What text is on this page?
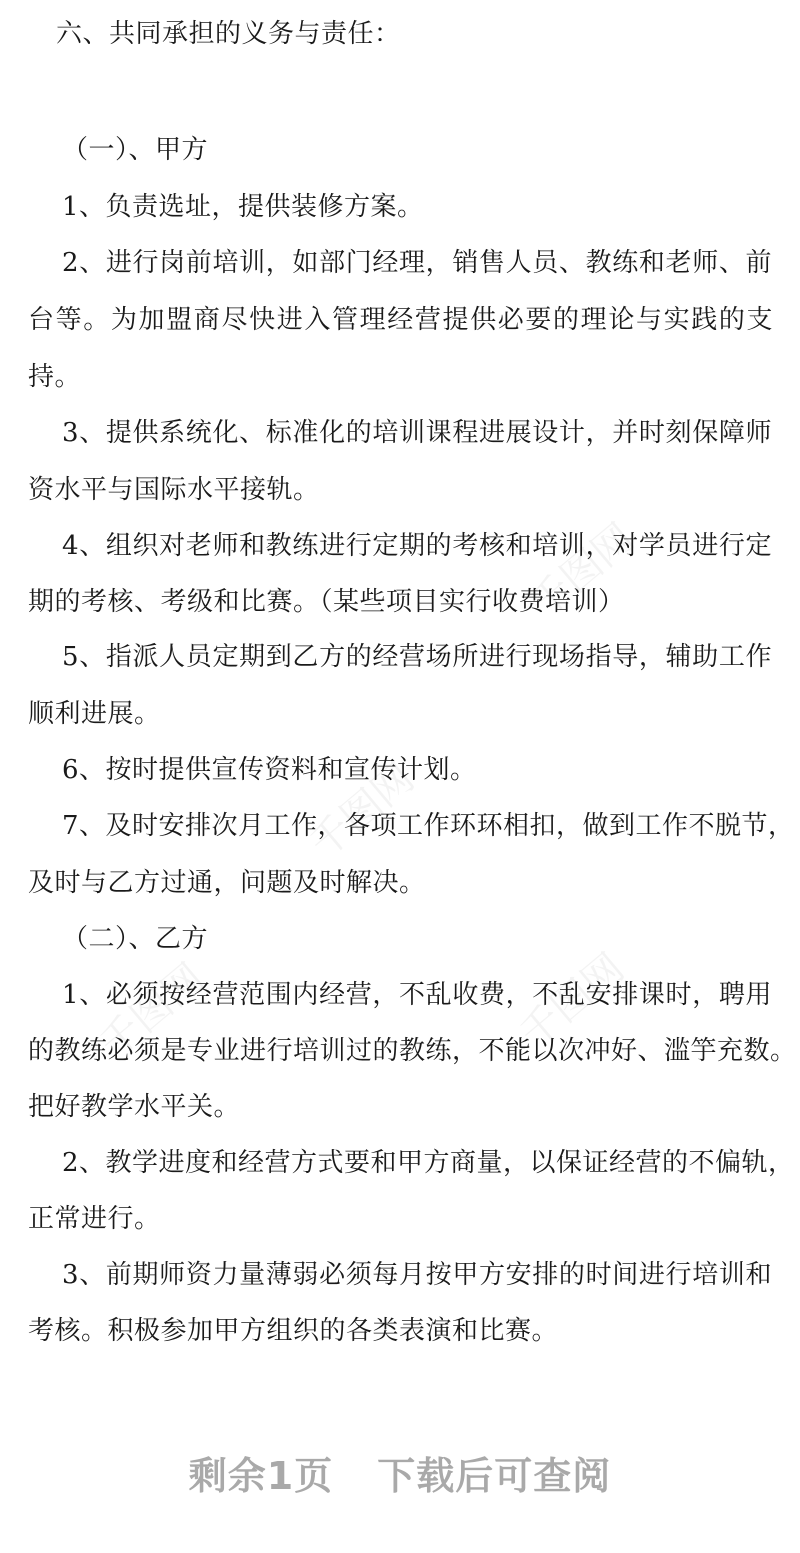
千图网
千图网
千图网
千图网
六、共同承担的义务与责任：
（一）、甲方
1、负责选址，提供装修方案。
2、进行岗前培训，如部门经理，销售人员、教练和老师、前
台等。为加盟商尽快进入管理经营提供必要的理论与实践的支
持。
3、提供系统化、标准化的培训课程进展设计，并时刻保障师
资水平与国际水平接轨。
4、组织对老师和教练进行定期的考核和培训，对学员进行定
期的考核、考级和比赛。（某些项目实行收费培训）
5、指派人员定期到乙方的经营场所进行现场指导，辅助工作
顺利进展。
6、按时提供宣传资料和宣传计划。
7、及时安排次月工作，各项工作环环相扣，做到工作不脱节，
及时与乙方过通，问题及时解决。
（二）、乙方
1、必须按经营范围内经营，不乱收费，不乱安排课时，聘用
的教练必须是专业进行培训过的教练，不能以次冲好、滥竽充数。
把好教学水平关。
2、教学进度和经营方式要和甲方商量，以保证经营的不偏轨，
正常进行。
3、前期师资力量薄弱必须每月按甲方安排的时间进行培训和
考核。积极参加甲方组织的各类表演和比赛。
剩余1页 下载后可查阅
